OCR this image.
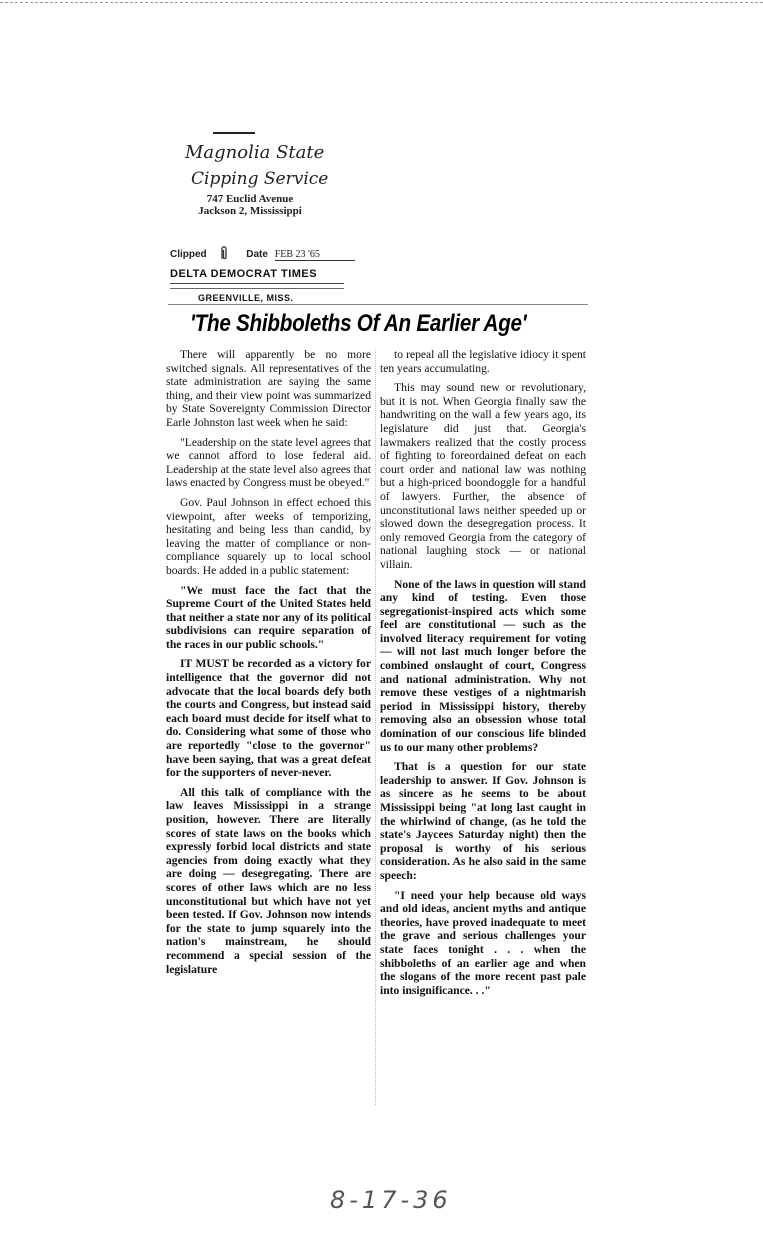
Magnolia State
Cipping Service
747 Euclid Avenue
Jackson 2, Mississippi
Clipped	Date FEB 23 '65
DELTA DEMOCRAT TIMES
GREENVILLE, MISS.
'The Shibboleths Of An Earlier Age'

There will apparently be no more switched signals. All representatives of the state administration are saying the same thing, and their view point was summarized by State Sovereignty Commission Director Earle Johnston last week when he said:

"Leadership on the state level agrees that we cannot afford to lose federal aid. Leadership at the state level also agrees that laws enacted by Congress must be obeyed."

Gov. Paul Johnson in effect echoed this viewpoint, after weeks of temporizing, hesitating and being less than candid, by leaving the matter of compliance or non-compliance squarely up to local school boards. He added in a public statement:

"We must face the fact that the Supreme Court of the United States held that neither a state nor any of its political subdivisions can require separation of the races in our public schools."

IT MUST be recorded as a victory for intelligence that the governor did not advocate that the local boards defy both the courts and Congress, but instead said each board must decide for itself what to do. Considering what some of those who are reportedly "close to the governor" have been saying, that was a great defeat for the supporters of never-never.

All this talk of compliance with the law leaves Mississippi in a strange position, however. There are literally scores of state laws on the books which expressly forbid local districts and state agencies from doing exactly what they are doing — desegregating. There are scores of other laws which are no less unconstitutional but which have not yet been tested. If Gov. Johnson now intends for the state to jump squarely into the nation's mainstream, he should recommend a special session of the legislature

to repeal all the legislative idiocy it spent ten years accumulating.

This may sound new or revolutionary, but it is not. When Georgia finally saw the handwriting on the wall a few years ago, its legislature did just that. Georgia's lawmakers realized that the costly process of fighting to foreordained defeat on each court order and national law was nothing but a high-priced boondoggle for a handful of lawyers. Further, the absence of unconstitutional laws neither speeded up or slowed down the desegregation process. It only removed Georgia from the category of national laughing stock — or national villain.

None of the laws in question will stand any kind of testing. Even those segregationist-inspired acts which some feel are constitutional — such as the involved literacy requirement for voting — will not last much longer before the combined onslaught of court, Congress and national administration. Why not remove these vestiges of a nightmarish period in Mississippi history, thereby removing also an obsession whose total domination of our conscious life blinded us to our many other problems?

That is a question for our state leadership to answer. If Gov. Johnson is as sincere as he seems to be about Mississippi being "at long last caught in the whirlwind of change, (as he told the state's Jaycees Saturday night) then the proposal is worthy of his serious consideration. As he also said in the same speech:

"I need your help because old ways and old ideas, ancient myths and antique theories, have proved inadequate to meet the grave and serious challenges your state faces tonight . . . when the shibboleths of an earlier age and when the slogans of the more recent past pale into insignificance. . ."

8-17-36
